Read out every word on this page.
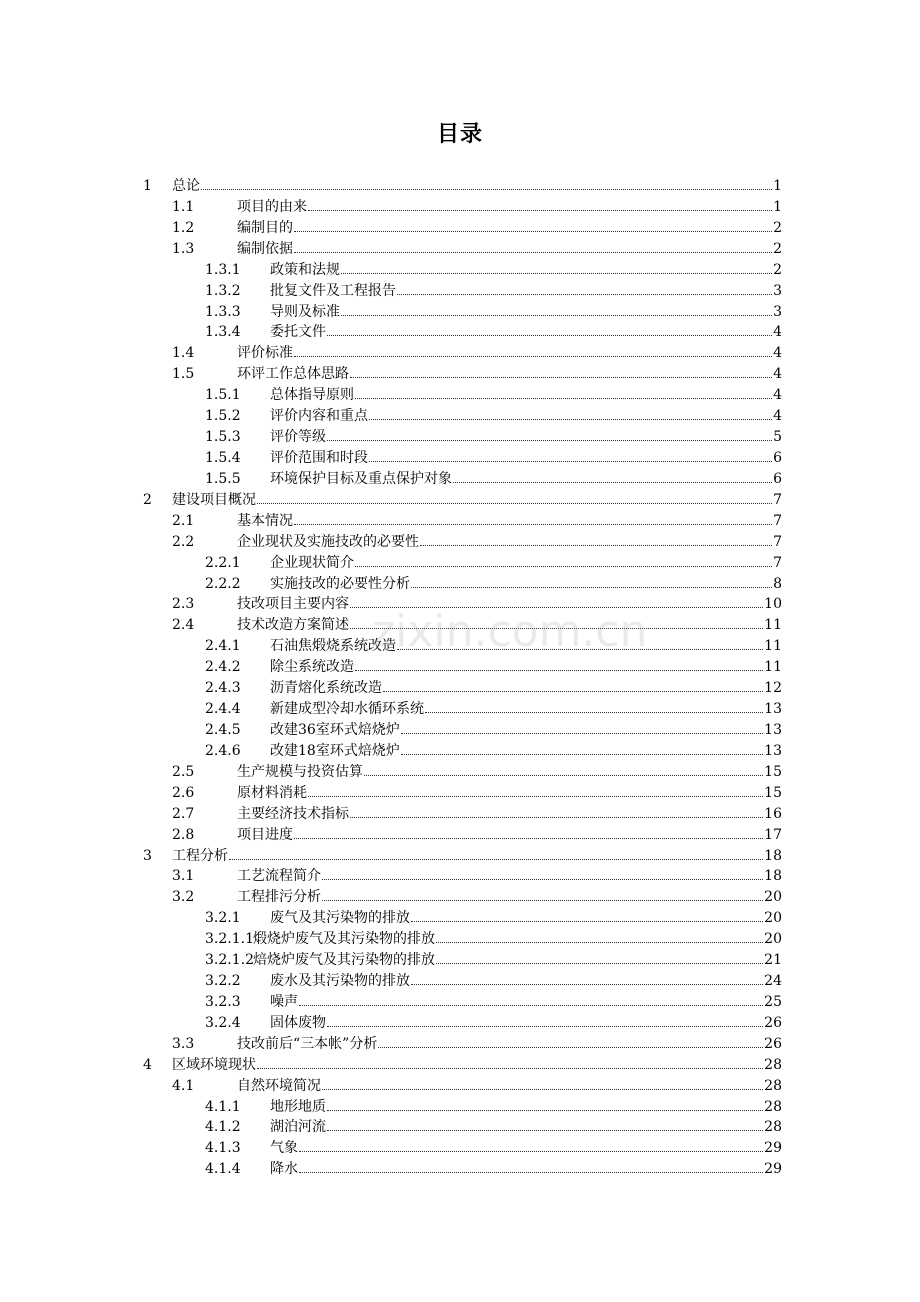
目录
1 总论	1
1.1	项目的由来	1
1.2	编制目的	2
1.3	编制依据	2
1.3.1 政策和法规	2
1.3.2 批复文件及工程报告	3
1.3.3 导则及标准	3
1.3.4 委托文件	4
1.4	评价标准	4
1.5	环评工作总体思路	4
1.5.1 总体指导原则	4
1.5.2 评价内容和重点	4
1.5.3 评价等级	5
1.5.4 评价范围和时段	6
1.5.5 环境保护目标及重点保护对象	6
2 建设项目概况	7
2.1	基本情况	7
2.2	企业现状及实施技改的必要性	7
2.2.1 企业现状简介	7
2.2.2 实施技改的必要性分析	8
2.3	技改项目主要内容	10
2.4	技术改造方案简述	11
2.4.1 石油焦煅烧系统改造	11
2.4.2 除尘系统改造	11
2.4.3 沥青熔化系统改造	12
2.4.4 新建成型冷却水循环系统	13
2.4.5 改建36室环式焙烧炉	13
2.4.6 改建18室环式焙烧炉	13
2.5	生产规模与投资估算	15
2.6	原材料消耗	15
2.7	主要经济技术指标	16
2.8	项目进度	17
3 工程分析	18
3.1	工艺流程简介	18
3.2	工程排污分析	20
3.2.1 废气及其污染物的排放	20
3.2.1.1 煅烧炉废气及其污染物的排放	20
3.2.1.2 焙烧炉废气及其污染物的排放	21
3.2.2 废水及其污染物的排放	24
3.2.3 噪声	25
3.2.4 固体废物	26
3.3	技改前后“三本帐”分析	26
4 区域环境现状	28
4.1	自然环境简况	28
4.1.1 地形地质	28
4.1.2 湖泊河流	28
4.1.3 气象	29
4.1.4 降水	29
zixin.com.cn
